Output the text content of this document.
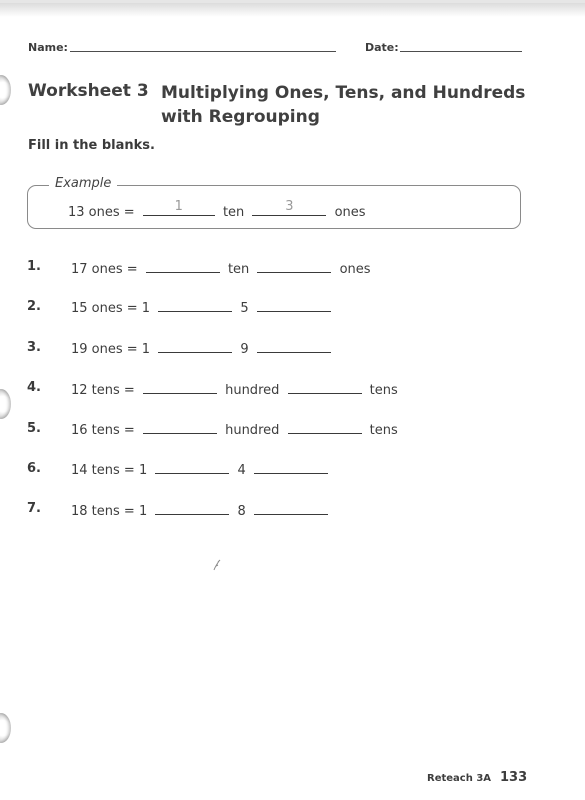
Name:	Date:
Worksheet 3 Multiplying Ones, Tens, and Hundreds with Regrouping
Fill in the blanks.
Example
13 ones =	1	ten	3	ones
1. 17 ones =	ten	ones
2. 15 ones = 1	5
3. 19 ones = 1	9
4. 12 tens =	hundred	tens
5. 16 tens =	hundred	tens
6. 14 tens = 1	4
7. 18 tens = 1	8
Reteach 3A 133
